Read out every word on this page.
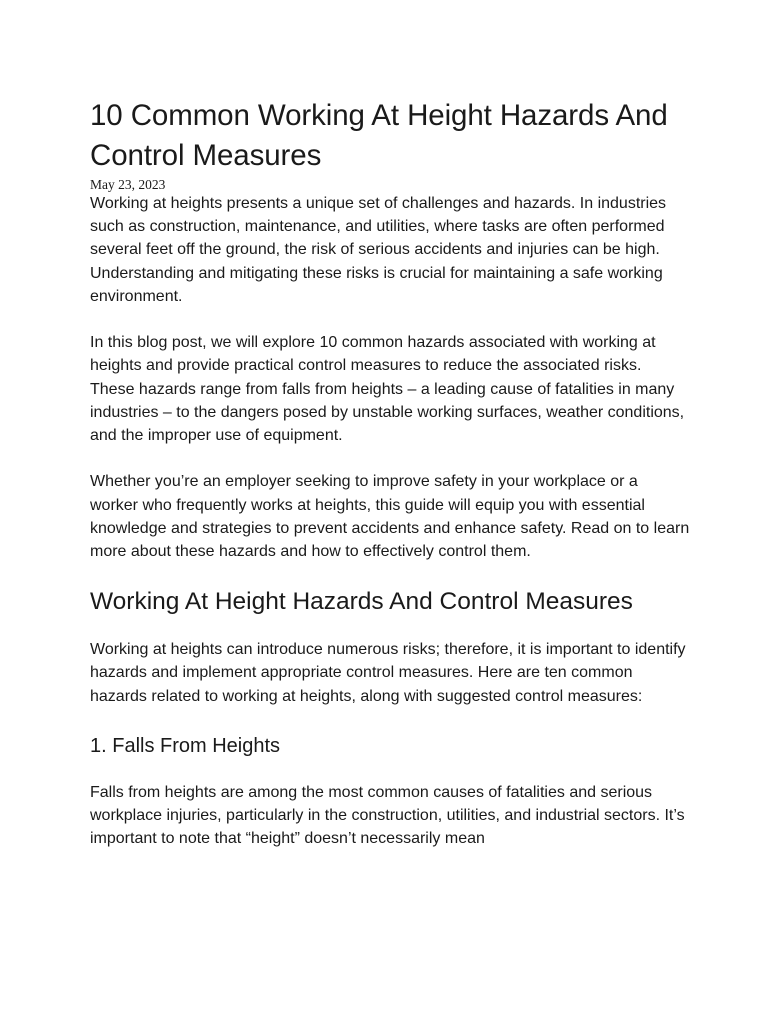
10 Common Working At Height Hazards And Control Measures
May 23, 2023

Working at heights presents a unique set of challenges and hazards. In industries such as construction, maintenance, and utilities, where tasks are often performed several feet off the ground, the risk of serious accidents and injuries can be high. Understanding and mitigating these risks is crucial for maintaining a safe working environment.

In this blog post, we will explore 10 common hazards associated with working at heights and provide practical control measures to reduce the associated risks. These hazards range from falls from heights – a leading cause of fatalities in many industries – to the dangers posed by unstable working surfaces, weather conditions, and the improper use of equipment.

Whether you’re an employer seeking to improve safety in your workplace or a worker who frequently works at heights, this guide will equip you with essential knowledge and strategies to prevent accidents and enhance safety. Read on to learn more about these hazards and how to effectively control them.

Working At Height Hazards And Control Measures

Working at heights can introduce numerous risks; therefore, it is important to identify hazards and implement appropriate control measures. Here are ten common hazards related to working at heights, along with suggested control measures:

1. Falls From Heights

Falls from heights are among the most common causes of fatalities and serious workplace injuries, particularly in the construction, utilities, and industrial sectors. It’s important to note that “height” doesn’t necessarily mean
